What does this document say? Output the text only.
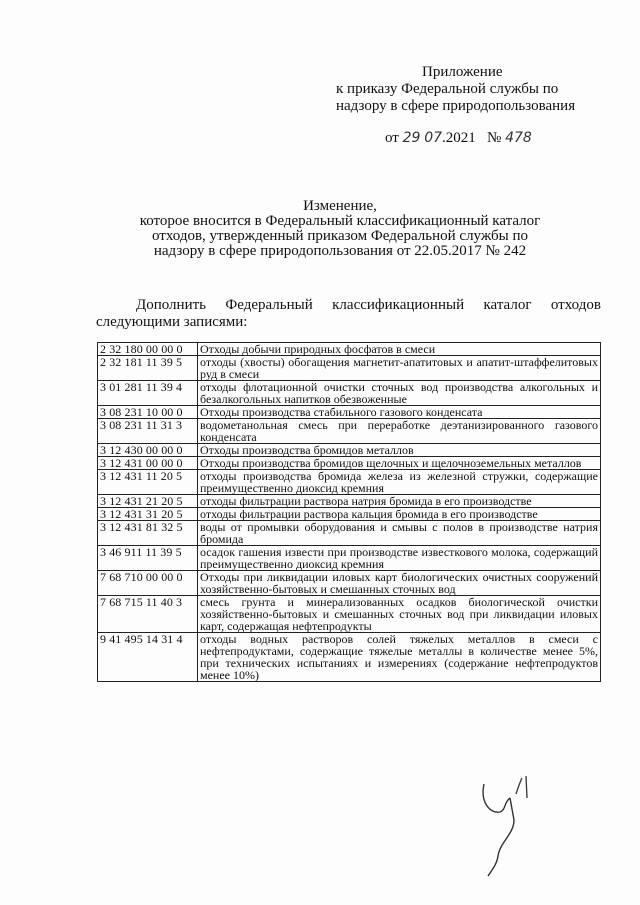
Приложение
к приказу Федеральной службы по
надзору в сфере природопользования
от 29 07.2021 № 478
Изменение,
которое вносится в Федеральный классификационный каталог
отходов, утвержденный приказом Федеральной службы по
надзору в сфере природопользования от 22.05.2017 № 242
Дополнить Федеральный классификационный каталог отходов
следующими записями:
2 32 180 00 00 0	Отходы добычи природных фосфатов в смеси
2 32 181 11 39 5	отходы (хвосты) обогащения магнетит-апатитовых и апатит-штаффелитовых руд в смеси
3 01 281 11 39 4	отходы флотационной очистки сточных вод производства алкогольных и безалкогольных напитков обезвоженные
3 08 231 10 00 0	Отходы производства стабильного газового конденсата
3 08 231 11 31 3	водометанольная смесь при переработке деэтанизированного газового конденсата
3 12 430 00 00 0	Отходы производства бромидов металлов
3 12 431 00 00 0	Отходы производства бромидов щелочных и щелочноземельных металлов
3 12 431 11 20 5	отходы производства бромида железа из железной стружки, содержащие преимущественно диоксид кремния
3 12 431 21 20 5	отходы фильтрации раствора натрия бромида в его производстве
3 12 431 31 20 5	отходы фильтрации раствора кальция бромида в его производстве
3 12 431 81 32 5	воды от промывки оборудования и смывы с полов в производстве натрия бромида
3 46 911 11 39 5	осадок гашения извести при производстве известкового молока, содержащий преимущественно диоксид кремния
7 68 710 00 00 0	Отходы при ликвидации иловых карт биологических очистных сооружений хозяйственно-бытовых и смешанных сточных вод
7 68 715 11 40 3	смесь грунта и минерализованных осадков биологической очистки хозяйственно-бытовых и смешанных сточных вод при ликвидации иловых карт, содержащая нефтепродукты
9 41 495 14 31 4	отходы водных растворов солей тяжелых металлов в смеси с нефтепродуктами, содержащие тяжелые металлы в количестве менее 5%, при технических испытаниях и измерениях (содержание нефтепродуктов менее 10%)
